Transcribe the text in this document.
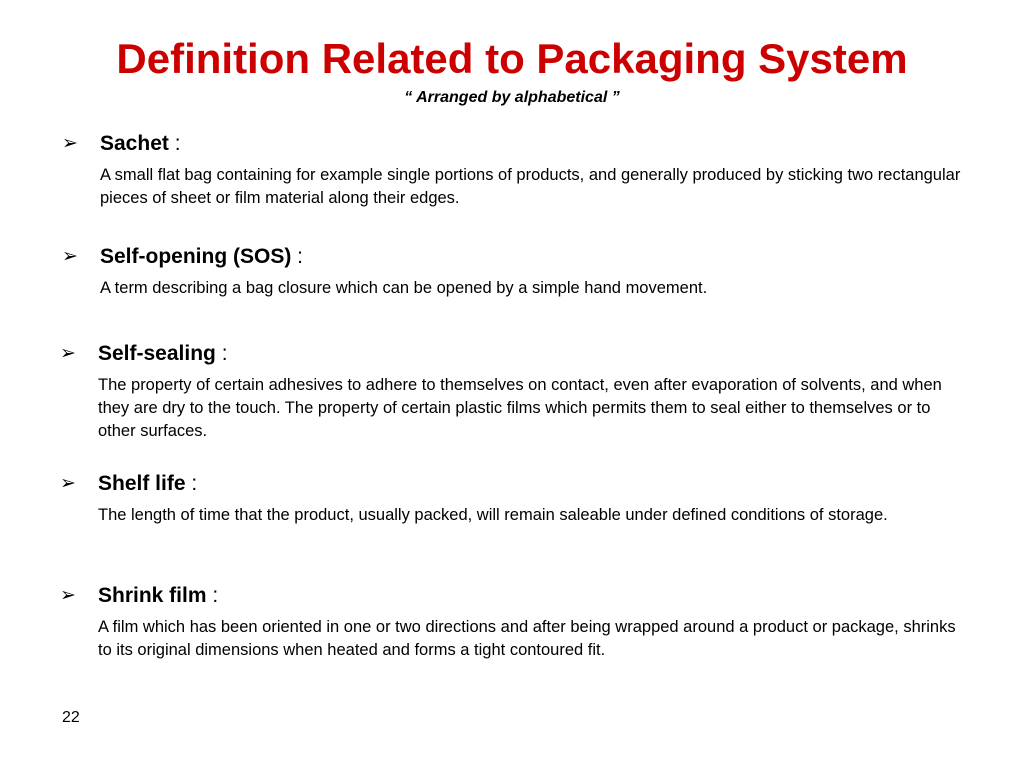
Definition Related to Packaging System
“ Arranged by alphabetical ”
➢ Sachet :
A small flat bag containing for example single portions of products, and generally produced by sticking two rectangular pieces of sheet or film material along their edges.
➢ Self-opening (SOS) :
A term describing a bag closure which can be opened by a simple hand movement.
➢ Self-sealing :
The property of certain adhesives to adhere to themselves on contact, even after evaporation of solvents, and when they are dry to the touch. The property of certain plastic films which permits them to seal either to themselves or to other surfaces.
➢ Shelf life :
The length of time that the product, usually packed, will remain saleable under defined conditions of storage.
➢ Shrink film :
A film which has been oriented in one or two directions and after being wrapped around a product or package, shrinks to its original dimensions when heated and forms a tight contoured fit.
22
